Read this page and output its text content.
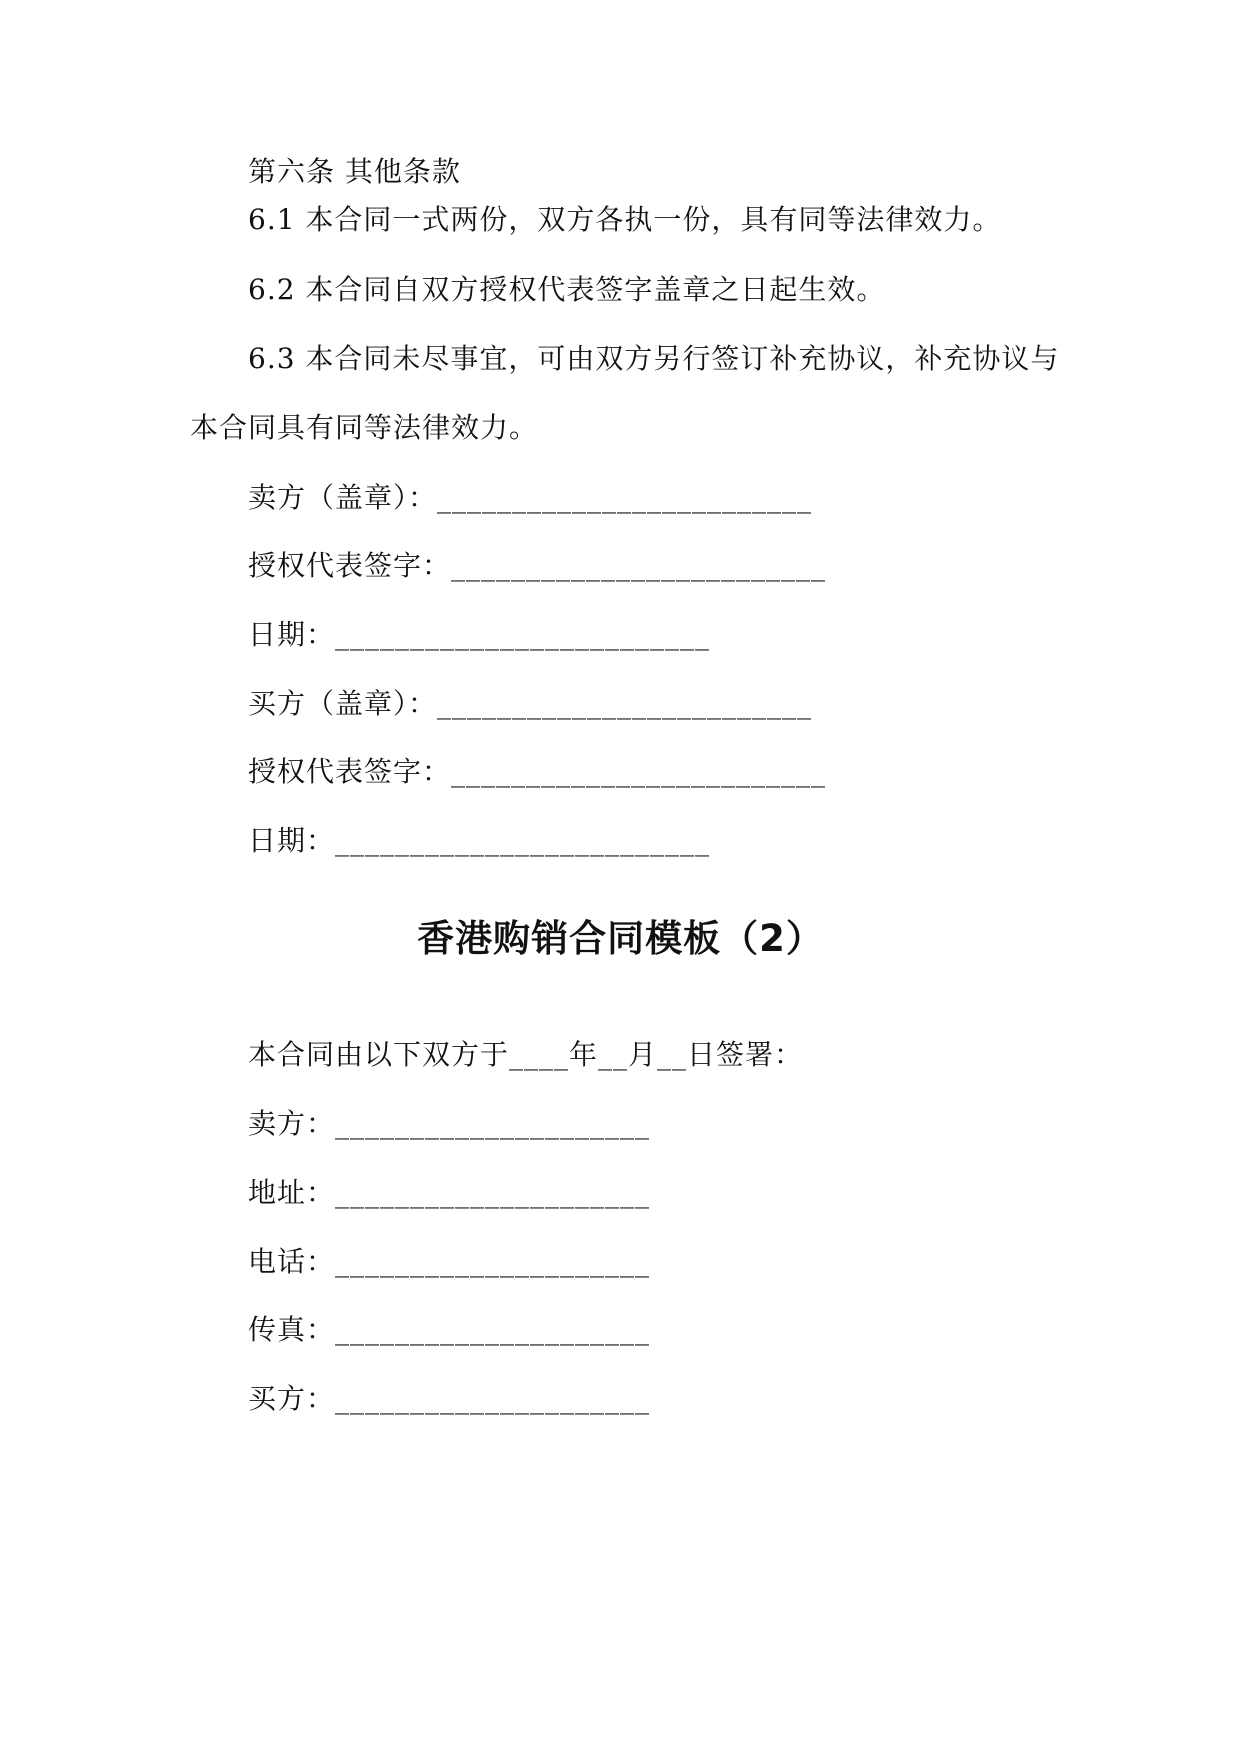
第六条 其他条款
6.1 本合同一式两份，双方各执一份，具有同等法律效力。
6.2 本合同自双方授权代表签字盖章之日起生效。
6.3 本合同未尽事宜，可由双方另行签订补充协议，补充协议与
本合同具有同等法律效力。
卖方（盖章）：_________________________
授权代表签字：_________________________
日期：_________________________
买方（盖章）：_________________________
授权代表签字：_________________________
日期：_________________________
香港购销合同模板（2）
本合同由以下双方于____年__月__日签署：
卖方：_____________________
地址：_____________________
电话：_____________________
传真：_____________________
买方：_____________________
